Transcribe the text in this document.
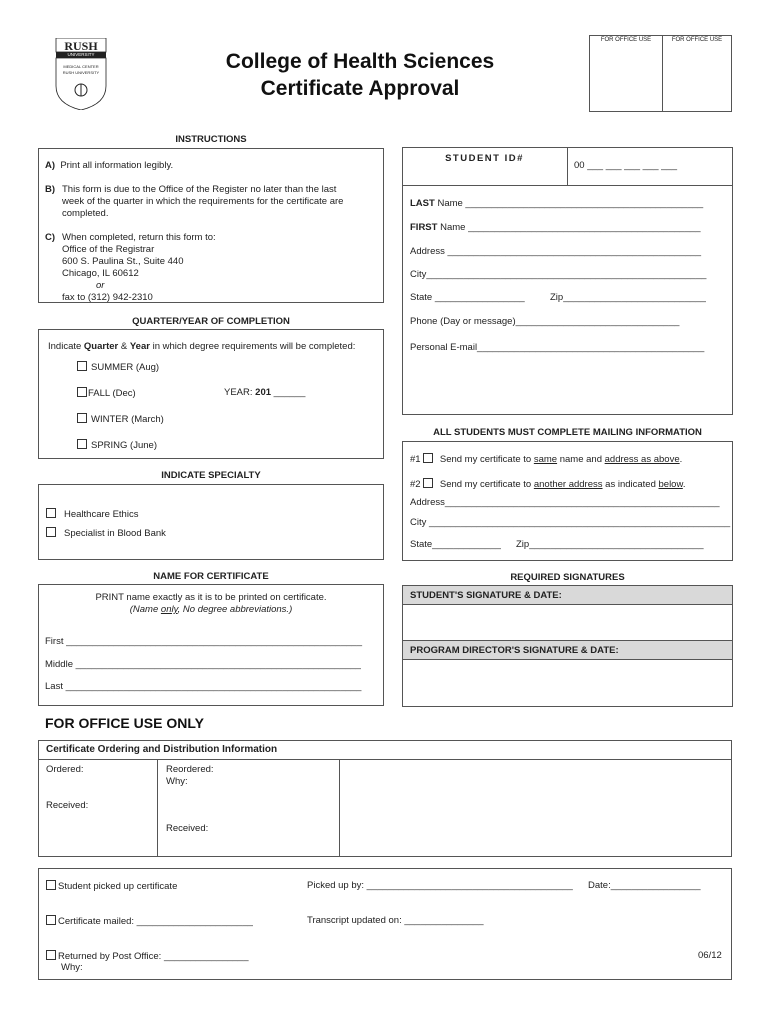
RUSH
UNIVERSITY
MEDICAL CENTER
RUSH UNIVERSITY	College of Health Sciences
Certificate Approval
FOR OFFICE USE	FOR OFFICE USE
INSTRUCTIONS
A) Print all information legibly.
B) This form is due to the Office of the Register no later than the last
week of the quarter in which the requirements for the certificate are
completed.
C) When completed, return this form to:
Office of the Registrar
600 S. Paulina St., Suite 440
Chicago, IL 60612
or
fax to (312) 942-2310
STUDENT ID#
00 ___ ___ ___ ___ ___
LAST Name _____________________________________________
FIRST Name ____________________________________________
Address ________________________________________________
City_____________________________________________________
State _________________	Zip___________________________
Phone (Day or message)_______________________________
Personal E-mail___________________________________________
QUARTER/YEAR OF COMPLETION
Indicate Quarter & Year in which degree requirements will be completed:
SUMMER (Aug)
FALL (Dec)	YEAR: 201 ______
WINTER (March)
SPRING (June)
ALL STUDENTS MUST COMPLETE MAILING INFORMATION
#1 Send my certificate to same name and address as above.
#2 Send my certificate to another address as indicated below.
Address____________________________________________________
City _________________________________________________________
State_____________ Zip_________________________________
INDICATE SPECIALTY
Healthcare Ethics
Specialist in Blood Bank
NAME FOR CERTIFICATE
PRINT name exactly as it is to be printed on certificate.
(Name only, No degree abbreviations.)
First ________________________________________________________
Middle ______________________________________________________
Last ________________________________________________________
REQUIRED SIGNATURES
STUDENT'S SIGNATURE & DATE:
PROGRAM DIRECTOR'S SIGNATURE & DATE:
FOR OFFICE USE ONLY
Certificate Ordering and Distribution Information
Ordered:
Received:
Reordered:
Why:
Received:
Student picked up certificate	Picked up by: _______________________________________ Date:_________________
Certificate mailed: ______________________	Transcript updated on: _______________
Returned by Post Office: ________________
Why:
06/12
